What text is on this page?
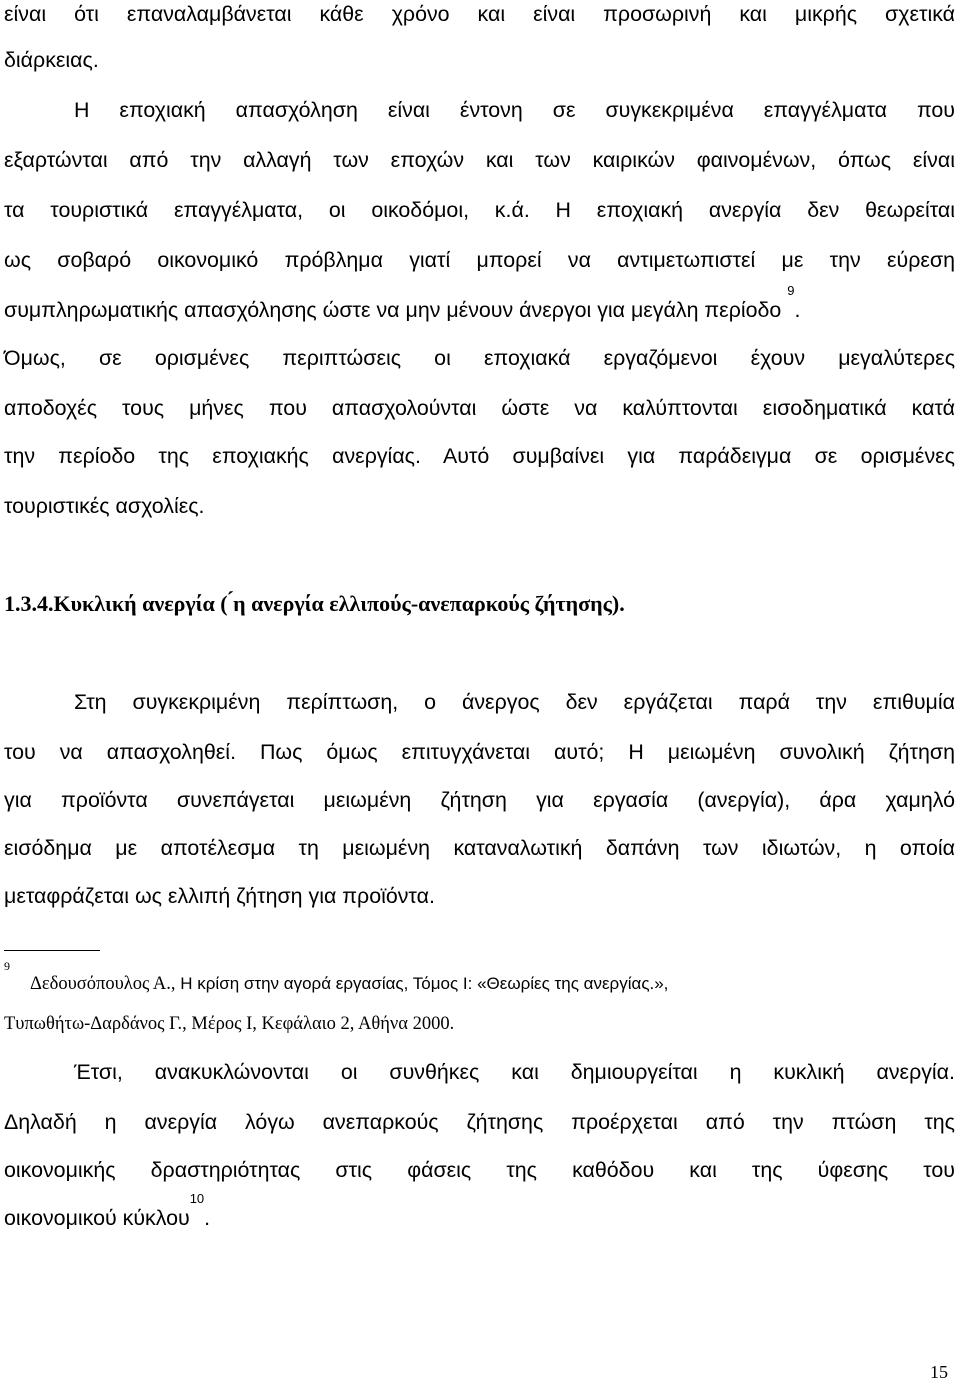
είναι ότι επαναλαμβάνεται κάθε χρόνο και είναι προσωρινή και μικρής σχετικά
διάρκειας.
Η εποχιακή απασχόληση είναι έντονη σε συγκεκριμένα επαγγέλματα που
εξαρτώνται από την αλλαγή των εποχών και των καιρικών φαινομένων, όπως είναι
τα τουριστικά επαγγέλματα, οι οικοδόμοι, κ.ά. Η εποχιακή ανεργία δεν θεωρείται
ως σοβαρό οικονομικό πρόβλημα γιατί μπορεί να αντιμετωπιστεί με την εύρεση
συμπληρωματικής απασχόλησης ώστε να μην μένουν άνεργοι για μεγάλη περίοδο $^9$.
Όμως, σε ορισμένες περιπτώσεις οι εποχιακά εργαζόμενοι έχουν μεγαλύτερες
αποδοχές τους μήνες που απασχολούνται ώστε να καλύπτονται εισοδηματικά κατά
την περίοδο της εποχιακής ανεργίας. Αυτό συμβαίνει για παράδειγμα σε ορισμένες
τουριστικές ασχολίες.
1.3.4.Κυκλική ανεργία ( ́η ανεργία ελλιπούς-ανεπαρκούς ζήτησης).
Στη συγκεκριμένη περίπτωση, ο άνεργος δεν εργάζεται παρά την επιθυμία
του να απασχοληθεί. Πως όμως επιτυγχάνεται αυτό; Η μειωμένη συνολική ζήτηση
για προϊόντα συνεπάγεται μειωμένη ζήτηση για εργασία (ανεργία), άρα χαμηλό
εισόδημα με αποτέλεσμα τη μειωμένη καταναλωτική δαπάνη των ιδιωτών, η οποία
μεταφράζεται ως ελλιπή ζήτηση για προϊόντα.
$^9$Δεδουσόπουλος Α., Η κρίση στην αγορά εργασίας, Τόμος Ι: «Θεωρίες της ανεργίας.»,
Τυπωθήτω-Δαρδάνος Γ., Μέρος Ι, Κεφάλαιο 2, Αθήνα 2000.
Έτσι, ανακυκλώνονται οι συνθήκες και δημιουργείται η κυκλική ανεργία.
Δηλαδή η ανεργία λόγω ανεπαρκούς ζήτησης προέρχεται από την πτώση της
οικονομικής δραστηριότητας στις φάσεις της καθόδου και της ύφεσης του
οικονομικού κύκλου$^{10}$.
15
